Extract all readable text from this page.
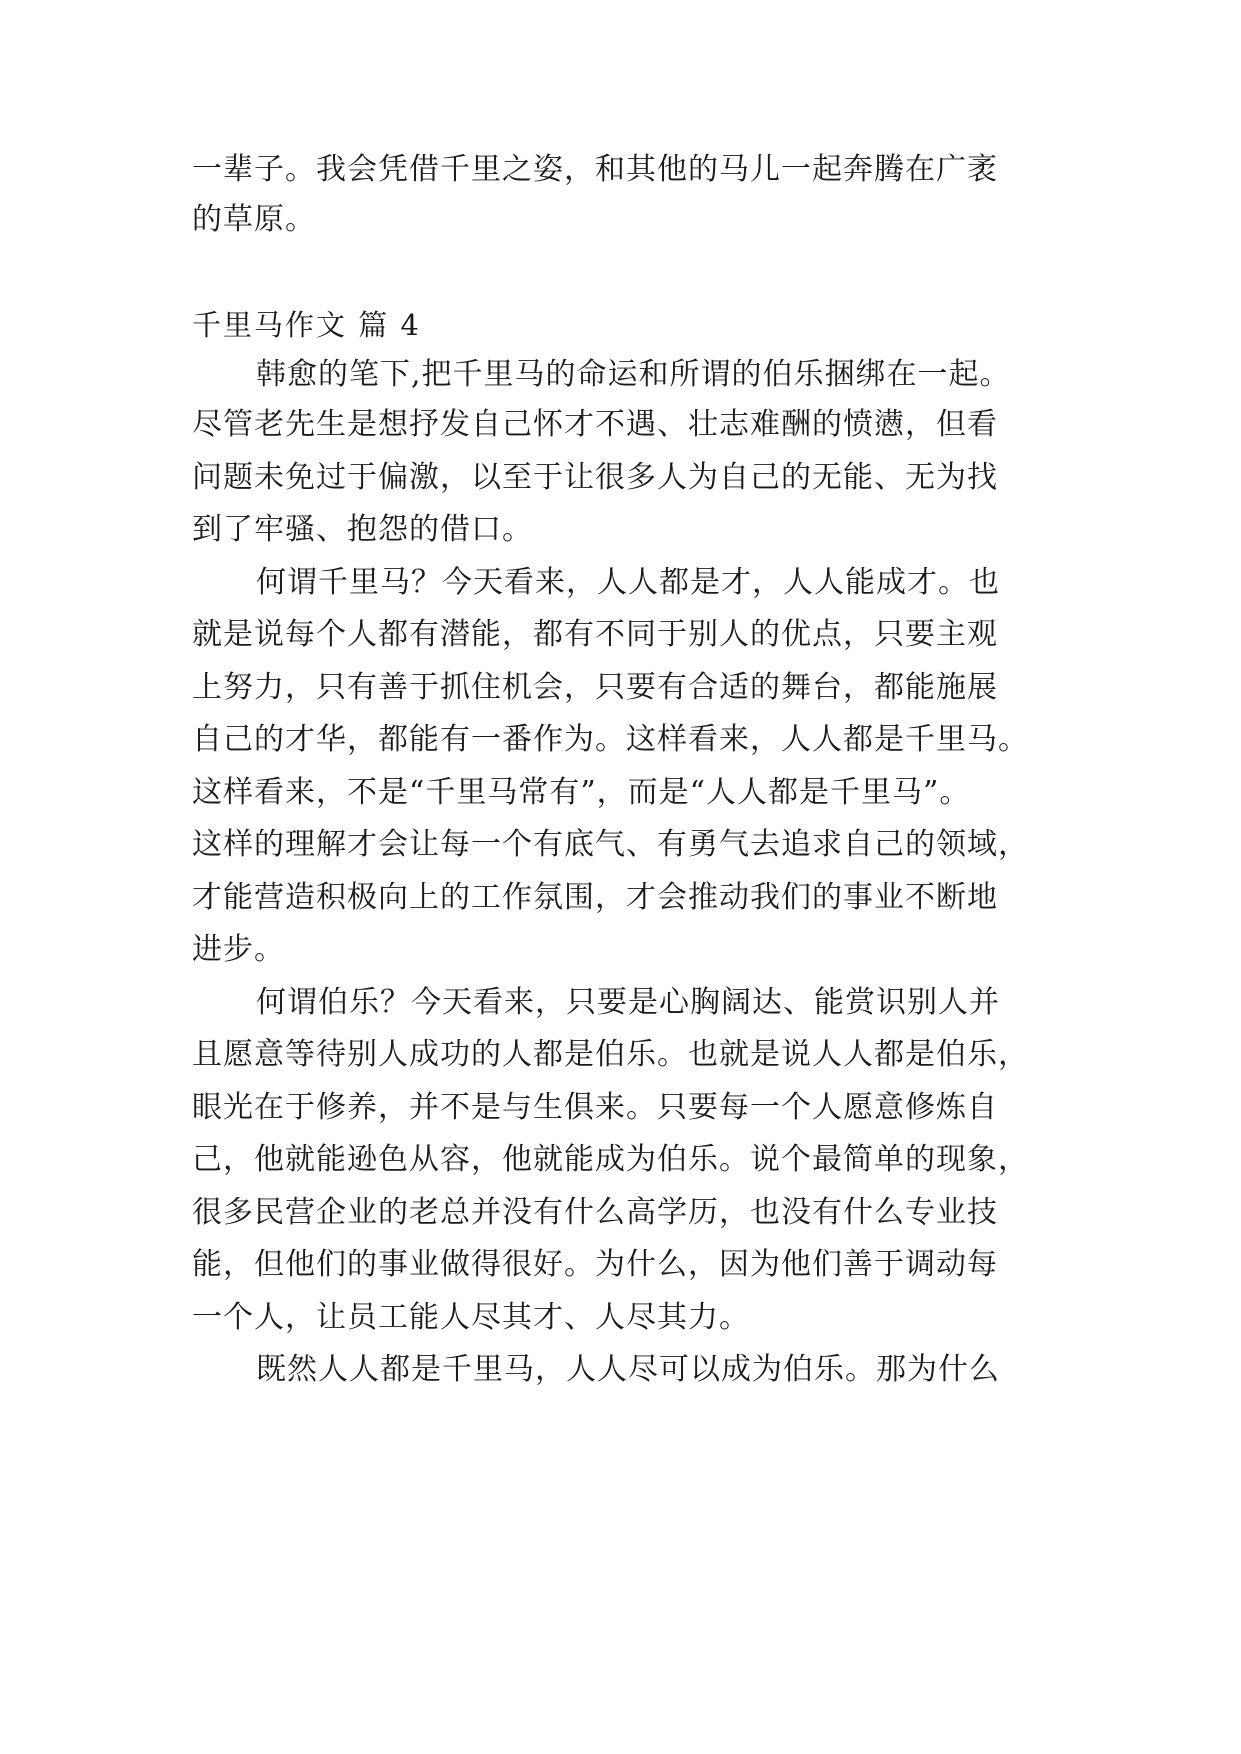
一辈子。我会凭借千里之姿，和其他的马儿一起奔腾在广袤
的草原。
千里马作文 篇 4
韩愈的笔下,把千里马的命运和所谓的伯乐捆绑在一起。
尽管老先生是想抒发自己怀才不遇、壮志难酬的愤懑，但看
问题未免过于偏激，以至于让很多人为自己的无能、无为找
到了牢骚、抱怨的借口。
何谓千里马？今天看来，人人都是才，人人能成才。也
就是说每个人都有潜能，都有不同于别人的优点，只要主观
上努力，只有善于抓住机会，只要有合适的舞台，都能施展
自己的才华，都能有一番作为。这样看来，人人都是千里马。
这样看来，不是“千里马常有”，而是“人人都是千里马”。
这样的理解才会让每一个有底气、有勇气去追求自己的领域，
才能营造积极向上的工作氛围，才会推动我们的事业不断地
进步。
何谓伯乐？今天看来，只要是心胸阔达、能赏识别人并
且愿意等待别人成功的人都是伯乐。也就是说人人都是伯乐，
眼光在于修养，并不是与生俱来。只要每一个人愿意修炼自
己，他就能逊色从容，他就能成为伯乐。说个最简单的现象，
很多民营企业的老总并没有什么高学历，也没有什么专业技
能，但他们的事业做得很好。为什么，因为他们善于调动每
一个人，让员工能人尽其才、人尽其力。
既然人人都是千里马，人人尽可以成为伯乐。那为什么
